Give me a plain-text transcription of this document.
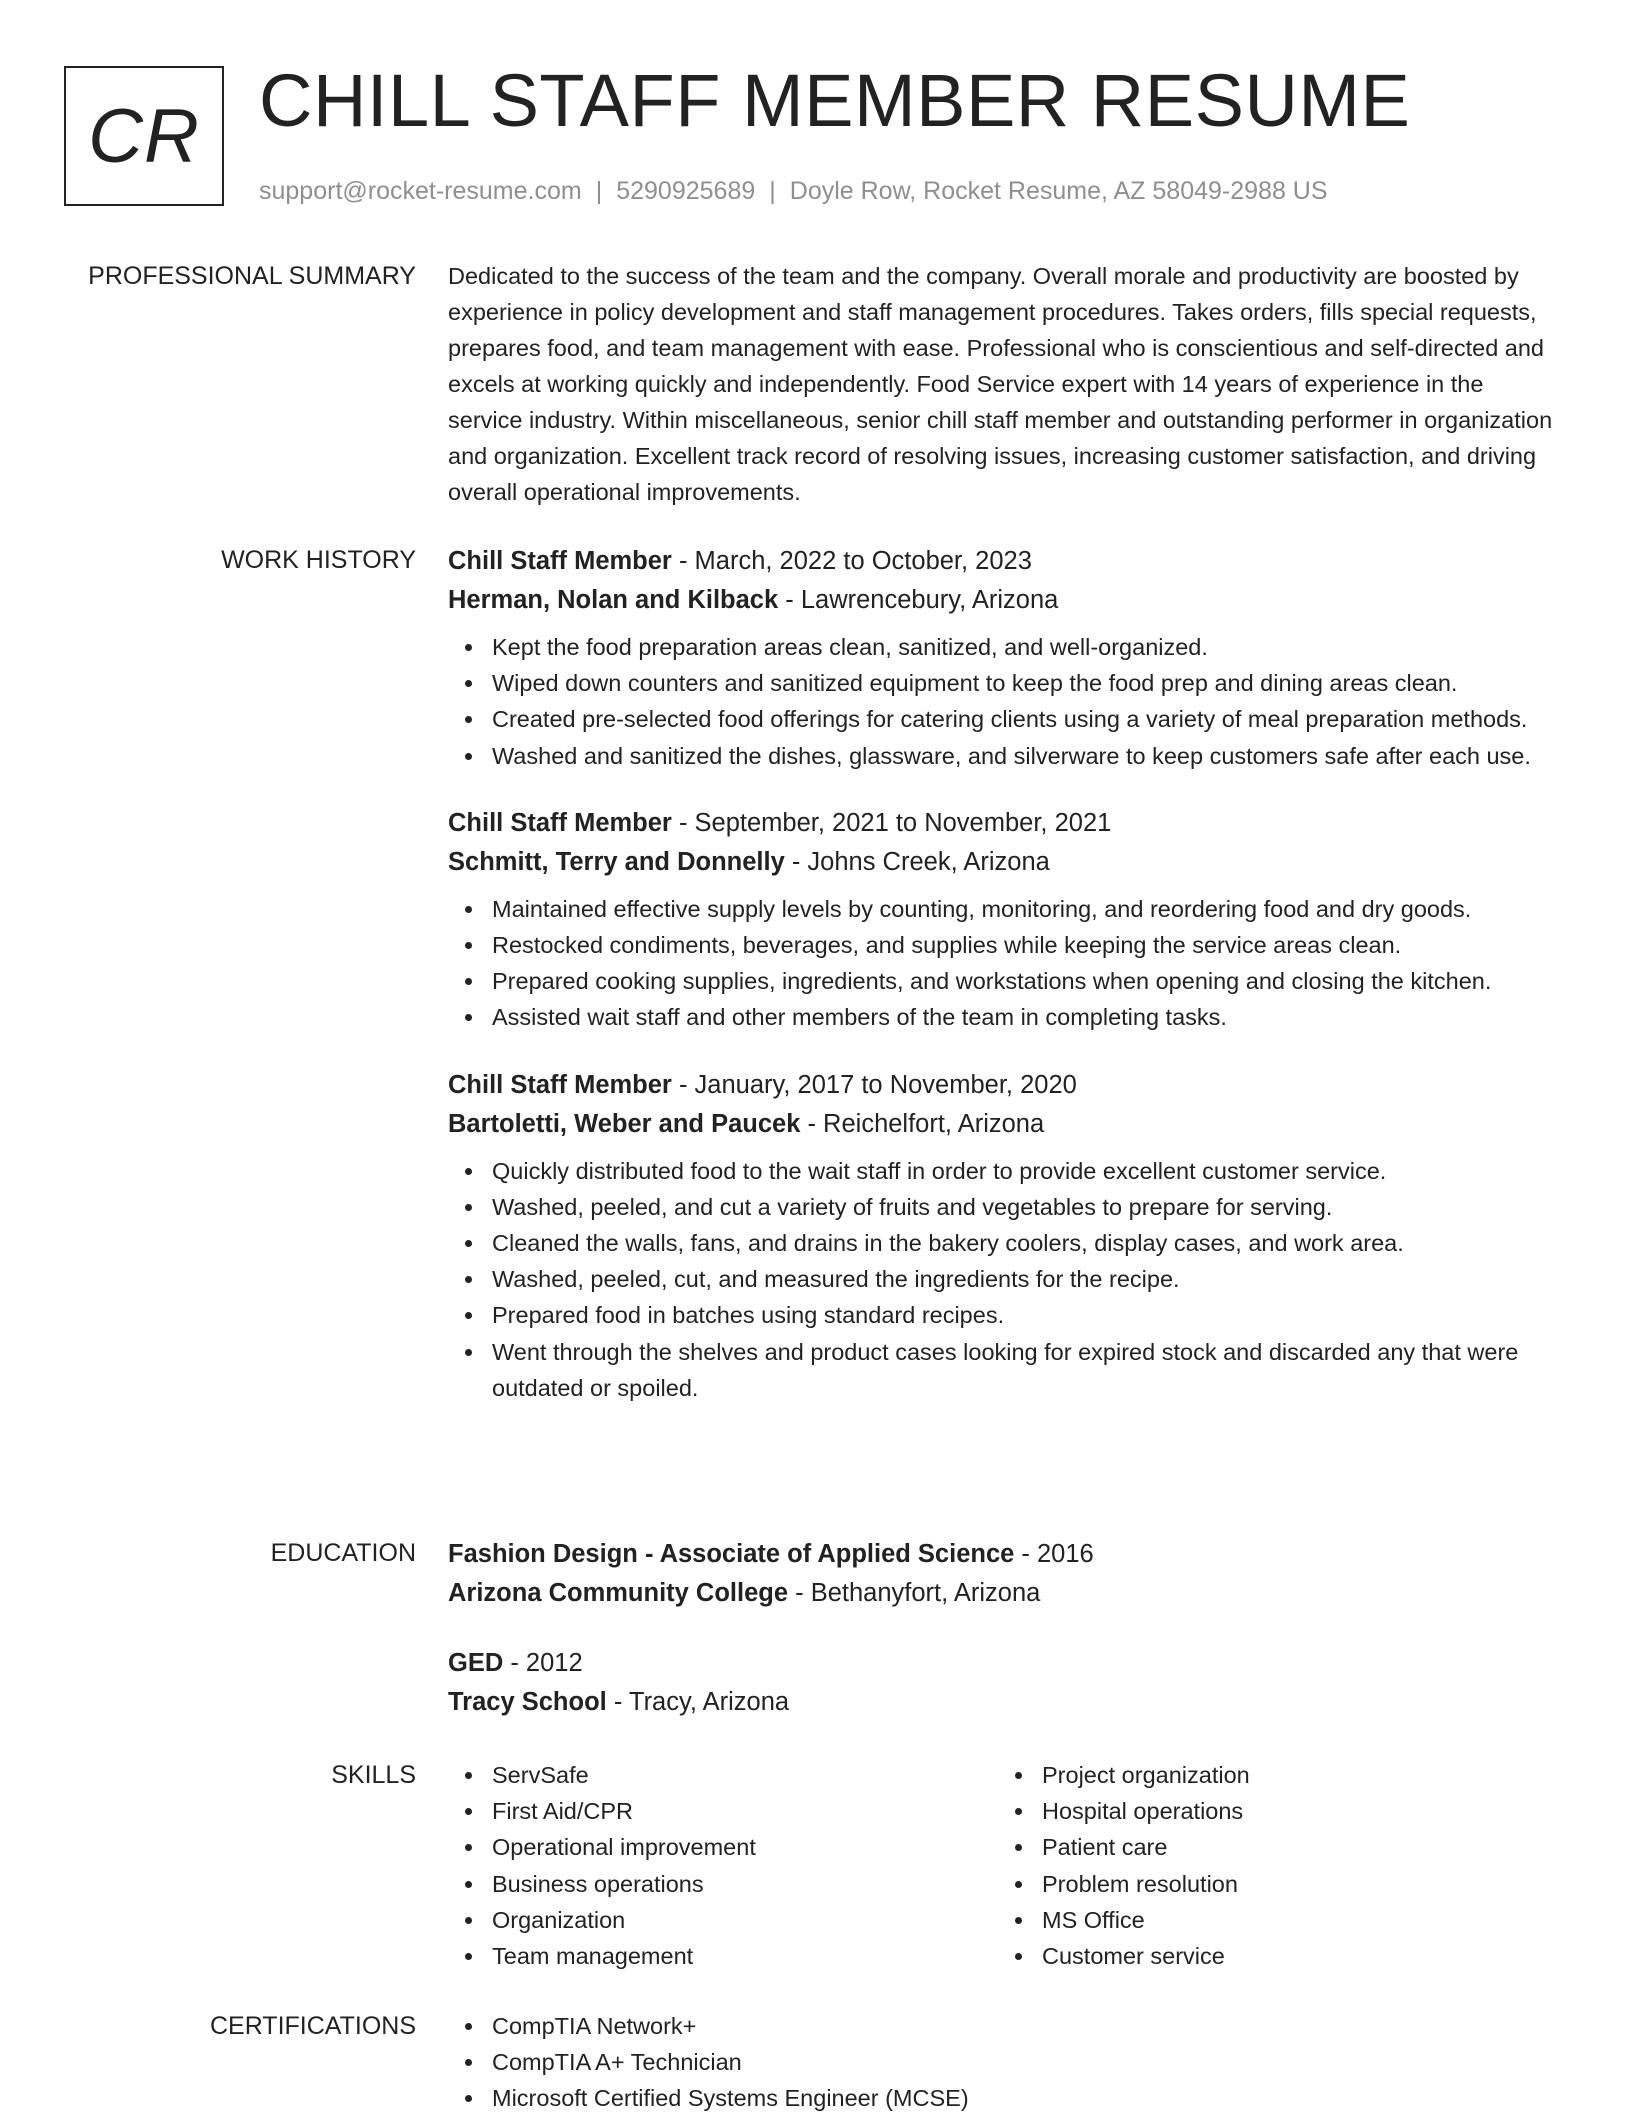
CR CHILL STAFF MEMBER RESUME
support@rocket-resume.com | 5290925689 | Doyle Row, Rocket Resume, AZ 58049-2988 US
PROFESSIONAL SUMMARY Dedicated to the success of the team and the company. Overall morale and productivity are boosted by experience in policy development and staff management procedures. Takes orders, fills special requests, prepares food, and team management with ease. Professional who is conscientious and self-directed and excels at working quickly and independently. Food Service expert with 14 years of experience in the service industry. Within miscellaneous, senior chill staff member and outstanding performer in organization and organization. Excellent track record of resolving issues, increasing customer satisfaction, and driving overall operational improvements.

WORK HISTORY Chill Staff Member - March, 2022 to October, 2023
Herman, Nolan and Kilback - Lawrencebury, Arizona
Kept the food preparation areas clean, sanitized, and well-organized.
Wiped down counters and sanitized equipment to keep the food prep and dining areas clean.
Created pre-selected food offerings for catering clients using a variety of meal preparation methods.
Washed and sanitized the dishes, glassware, and silverware to keep customers safe after each use.
Chill Staff Member - September, 2021 to November, 2021
Schmitt, Terry and Donnelly - Johns Creek, Arizona
Maintained effective supply levels by counting, monitoring, and reordering food and dry goods.
Restocked condiments, beverages, and supplies while keeping the service areas clean.
Prepared cooking supplies, ingredients, and workstations when opening and closing the kitchen.
Assisted wait staff and other members of the team in completing tasks.
Chill Staff Member - January, 2017 to November, 2020
Bartoletti, Weber and Paucek - Reichelfort, Arizona
Quickly distributed food to the wait staff in order to provide excellent customer service.
Washed, peeled, and cut a variety of fruits and vegetables to prepare for serving.
Cleaned the walls, fans, and drains in the bakery coolers, display cases, and work area.
Washed, peeled, cut, and measured the ingredients for the recipe.
Prepared food in batches using standard recipes.
Went through the shelves and product cases looking for expired stock and discarded any that were outdated or spoiled.
EDUCATION Fashion Design - Associate of Applied Science - 2016
Arizona Community College - Bethanyfort, Arizona
GED - 2012
Tracy School - Tracy, Arizona
SKILLS	ServSafe
First Aid/CPR
Operational improvement
Business operations
Organization
Team management
Project organization
Hospital operations
Patient care
Problem resolution
MS Office
Customer service
CERTIFICATIONS	CompTIA Network+
CompTIA A+ Technician
Microsoft Certified Systems Engineer (MCSE)
